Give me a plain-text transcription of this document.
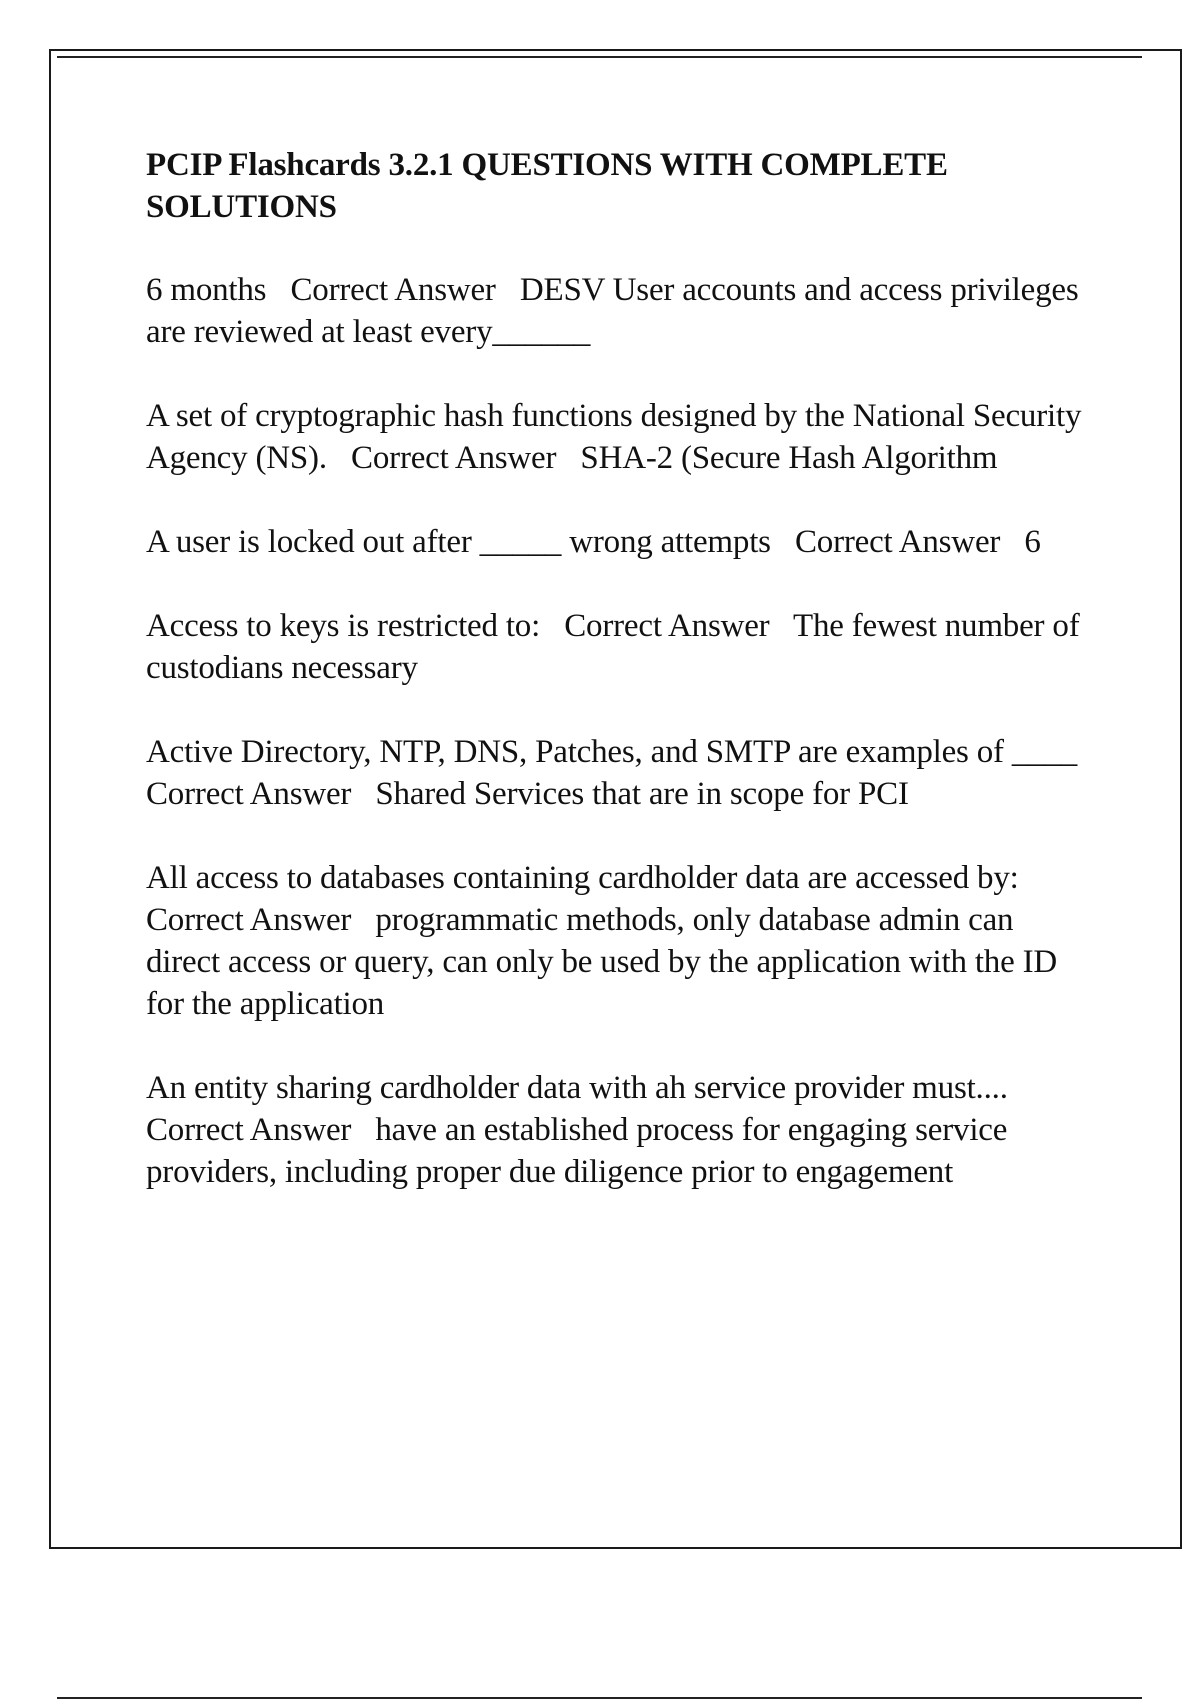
PCIP Flashcards 3.2.1 QUESTIONS WITH COMPLETE SOLUTIONS

6 months   Correct Answer   DESV User accounts and access privileges are reviewed at least every______

A set of cryptographic hash functions designed by the National Security Agency (NS).   Correct Answer   SHA-2 (Secure Hash Algorithm

A user is locked out after _____ wrong attempts   Correct Answer   6

Access to keys is restricted to:   Correct Answer   The fewest number of custodians necessary

Active Directory, NTP, DNS, Patches, and SMTP are examples of ____   Correct Answer   Shared Services that are in scope for PCI

All access to databases containing cardholder data are accessed by:   Correct Answer   programmatic methods, only database admin can direct access or query, can only be used by the application with the ID for the application

An entity sharing cardholder data with ah service provider must....   Correct Answer   have an established process for engaging service providers, including proper due diligence prior to engagement
